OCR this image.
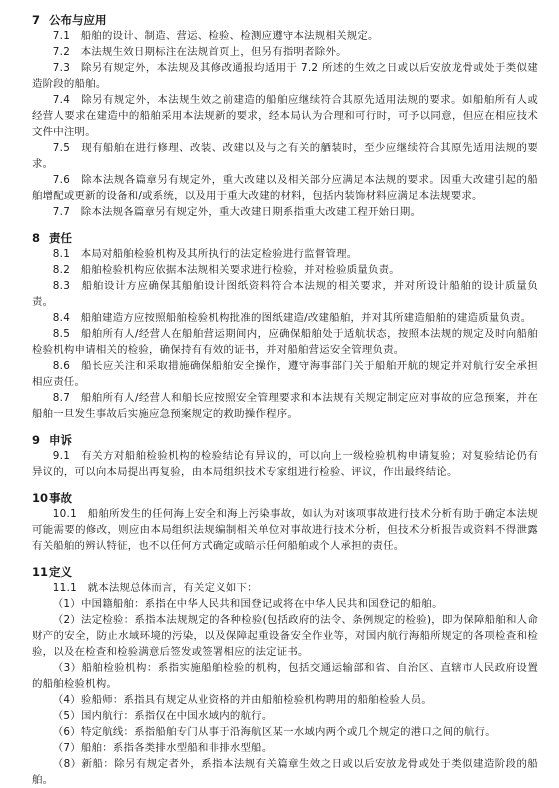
7 公布与应用

7.1　船舶的设计、制造、营运、检验、检测应遵守本法规相关规定。

7.2　本法规生效日期标注在法规首页上，但另有指明者除外。

7.3　除另有规定外，本法规及其修改通报均适用于 7.2 所述的生效之日或以后安放龙骨或处于类似建造阶段的船舶。

7.4　除另有规定外，本法规生效之前建造的船舶应继续符合其原先适用法规的要求。如船舶所有人或经营人要求在建造中的船舶采用本法规新的要求，经本局认为合理和可行时，可予以同意，但应在相应技术文件中注明。

7.5　现有船舶在进行修理、改装、改建以及与之有关的舾装时，至少应继续符合其原先适用法规的要求。

7.6　除本法规各篇章另有规定外，重大改建以及相关部分应满足本法规的要求。因重大改建引起的船舶增配或更新的设备和/或系统，以及用于重大改建的材料，包括内装饰材料应满足本法规要求。

7.7　除本法规各篇章另有规定外，重大改建日期系指重大改建工程开始日期。

8 责任

8.1　本局对船舶检验机构及其所执行的法定检验进行监督管理。

8.2　船舶检验机构应依据本法规相关要求进行检验，并对检验质量负责。

8.3　船舶设计方应确保其船舶设计图纸资料符合本法规的相关要求，并对所设计船舶的设计质量负责。

8.4　船舶建造方应按照船舶检验机构批准的图纸建造/改建船舶，并对其所建造船舶的建造质量负责。

8.5　船舶所有人/经营人在船舶营运期间内，应确保船舶处于适航状态，按照本法规的规定及时向船舶检验机构申请相关的检验，确保持有有效的证书，并对船舶营运安全管理负责。

8.6　船长应关注和采取措施确保船舶安全操作，遵守海事部门关于船舶开航的规定并对航行安全承担相应责任。

8.7　船舶所有人/经营人和船长应按照安全管理要求和本法规有关规定制定应对事故的应急预案，并在船舶一旦发生事故后实施应急预案规定的救助操作程序。

9 申诉

9.1　有关方对船舶检验机构的检验结论有异议的，可以向上一级检验机构申请复验；对复验结论仍有异议的，可以向本局提出再复验，由本局组织技术专家组进行检验、评议，作出最终结论。

10事故

10.1　船舶所发生的任何海上安全和海上污染事故，如认为对该项事故进行技术分析有助于确定本法规可能需要的修改，则应由本局组织法规编制相关单位对事故进行技术分析，但技术分析报告或资料不得泄露有关船舶的辨认特征，也不以任何方式确定或暗示任何船舶或个人承担的责任。

11定义

11.1　就本法规总体而言，有关定义如下：

（1）中国籍船舶：系指在中华人民共和国登记或将在中华人民共和国登记的船舶。

（2）法定检验：系指本法规规定的各种检验(包括政府的法令、条例规定的检验)，即为保障船舶和人命财产的安全，防止水域环境的污染，以及保障起重设备安全作业等，对国内航行海船所规定的各项检查和检验，以及在检查和检验满意后签发或签署相应的法定证书。

（3）船舶检验机构：系指实施船舶检验的机构，包括交通运输部和省、自治区、直辖市人民政府设置的船舶检验机构。

（4）验船师：系指具有规定从业资格的并由船舶检验机构聘用的船舶检验人员。

（5）国内航行：系指仅在中国水域内的航行。

（6）特定航线：系指船舶专门从事于沿海航区某一水域内两个或几个规定的港口之间的航行。

（7）船舶：系指各类排水型船和非排水型船。

（8）新船：除另有规定者外，系指本法规有关篇章生效之日或以后安放龙骨或处于类似建造阶段的船舶。
